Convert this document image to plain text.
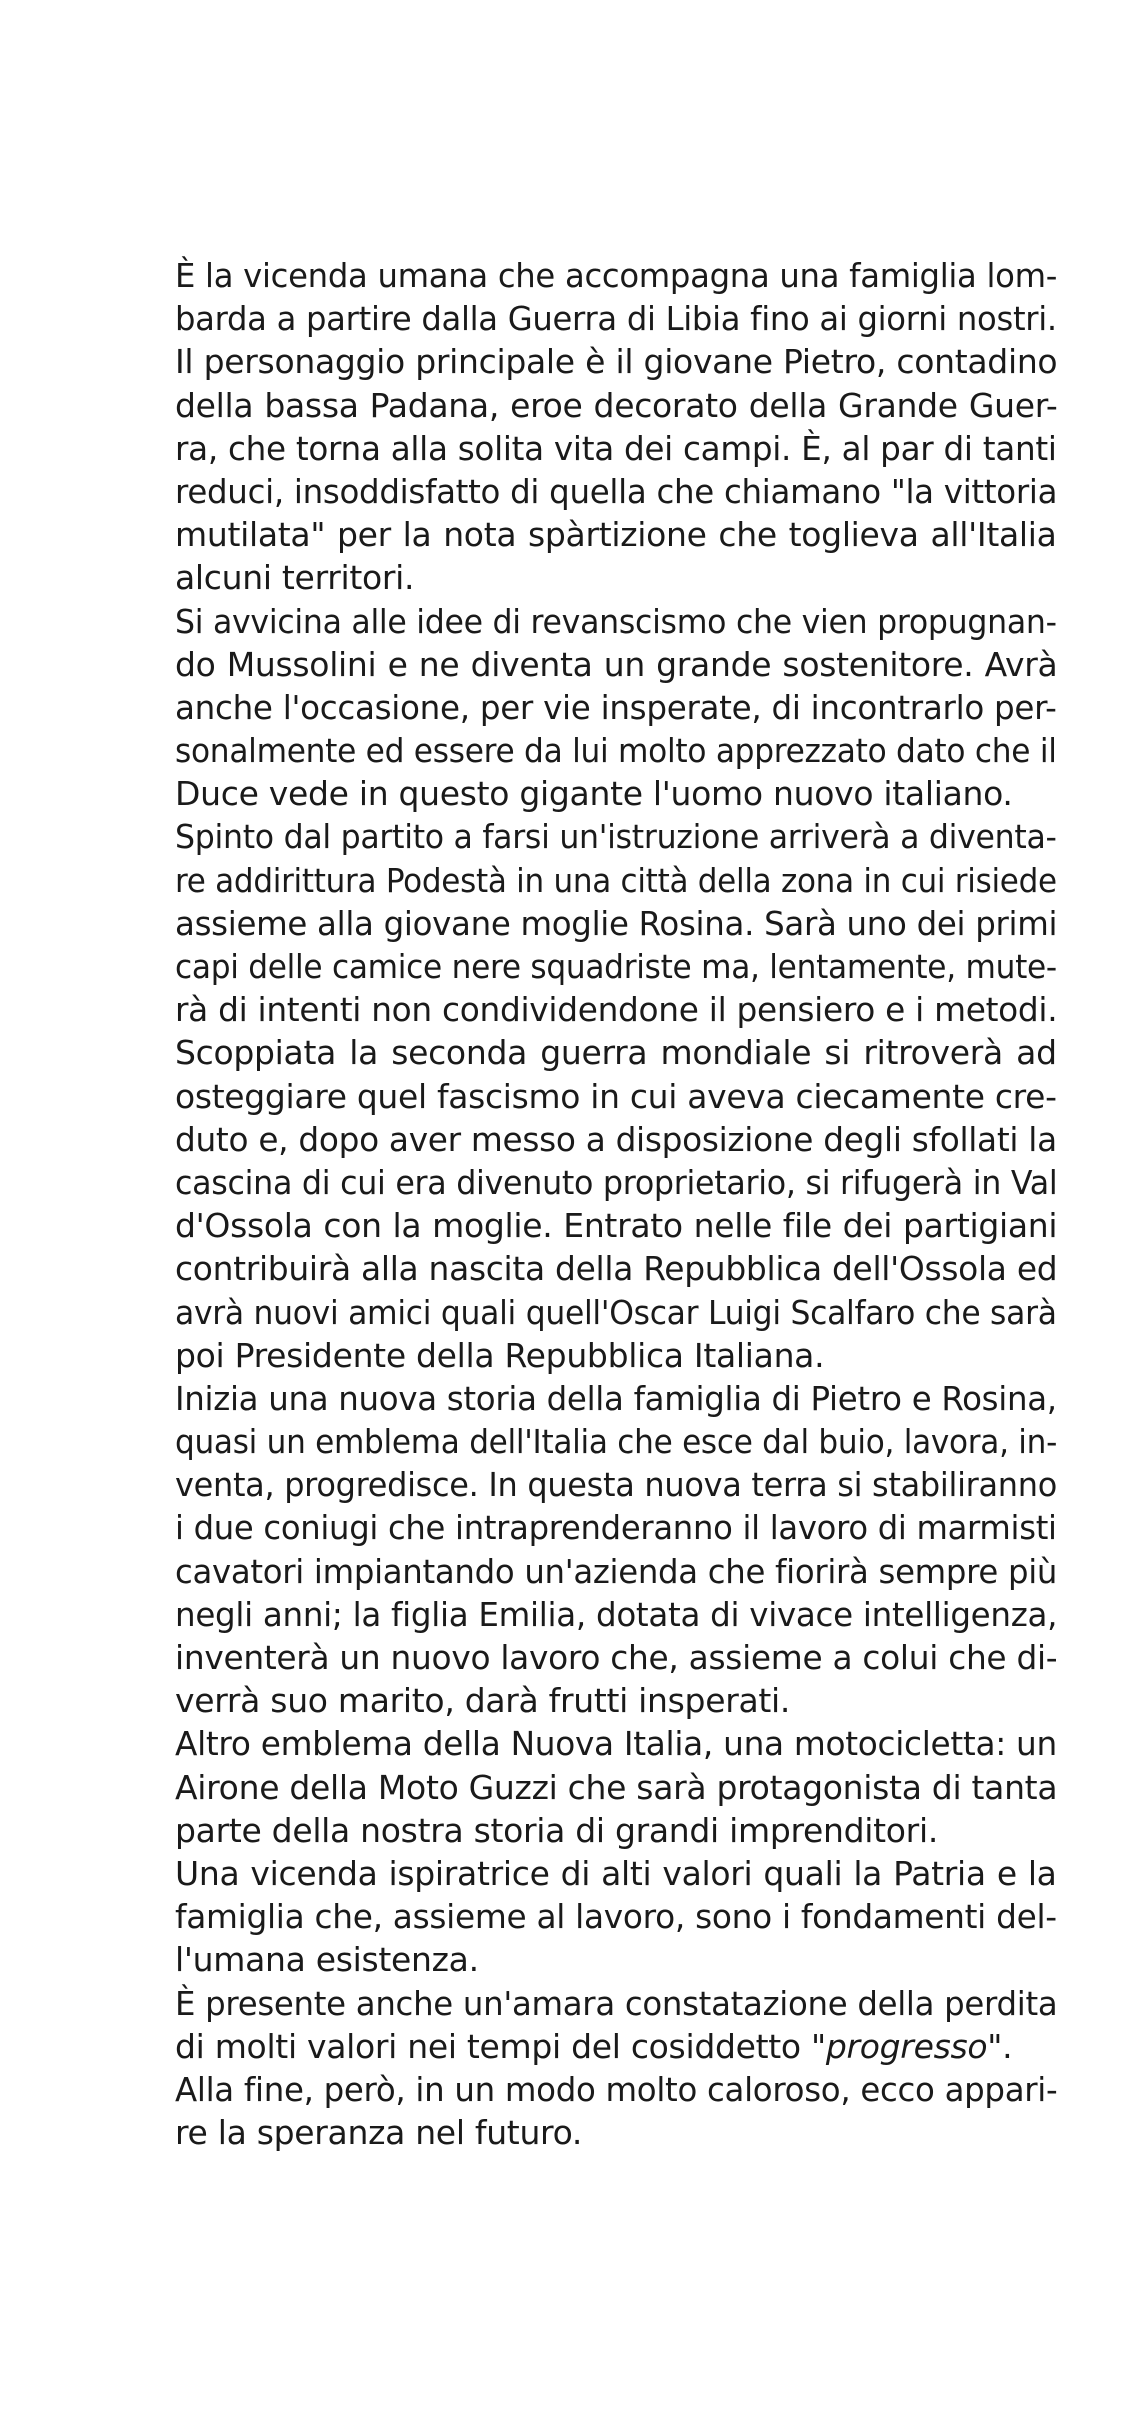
È la vicenda umana che accompagna una famiglia lom-
barda a partire dalla Guerra di Libia fino ai giorni nostri.
Il personaggio principale è il giovane Pietro, contadino
della bassa Padana, eroe decorato della Grande Guer-
ra, che torna alla solita vita dei campi. È, al par di tanti
reduci, insoddisfatto di quella che chiamano "la vittoria
mutilata" per la nota spàrtizione che toglieva all'Italia
alcuni territori.
Si avvicina alle idee di revanscismo che vien propugnan-
do Mussolini e ne diventa un grande sostenitore. Avrà
anche l'occasione, per vie insperate, di incontrarlo per-
sonalmente ed essere da lui molto apprezzato dato che il
Duce vede in questo gigante l'uomo nuovo italiano.
Spinto dal partito a farsi un'istruzione arriverà a diventa-
re addirittura Podestà in una città della zona in cui risiede
assieme alla giovane moglie Rosina. Sarà uno dei primi
capi delle camice nere squadriste ma, lentamente, mute-
rà di intenti non condividendone il pensiero e i metodi.
Scoppiata la seconda guerra mondiale si ritroverà ad
osteggiare quel fascismo in cui aveva ciecamente cre-
duto e, dopo aver messo a disposizione degli sfollati la
cascina di cui era divenuto proprietario, si rifugerà in Val
d'Ossola con la moglie. Entrato nelle file dei partigiani
contribuirà alla nascita della Repubblica dell'Ossola ed
avrà nuovi amici quali quell'Oscar Luigi Scalfaro che sarà
poi Presidente della Repubblica Italiana.
Inizia una nuova storia della famiglia di Pietro e Rosina,
quasi un emblema dell'Italia che esce dal buio, lavora, in-
venta, progredisce. In questa nuova terra si stabiliranno
i due coniugi che intraprenderanno il lavoro di marmisti
cavatori impiantando un'azienda che fiorirà sempre più
negli anni; la figlia Emilia, dotata di vivace intelligenza,
inventerà un nuovo lavoro che, assieme a colui che di-
verrà suo marito, darà frutti insperati.
Altro emblema della Nuova Italia, una motocicletta: un
Airone della Moto Guzzi che sarà protagonista di tanta
parte della nostra storia di grandi imprenditori.
Una vicenda ispiratrice di alti valori quali la Patria e la
famiglia che, assieme al lavoro, sono i fondamenti del-
l'umana esistenza.
È presente anche un'amara constatazione della perdita
di molti valori nei tempi del cosiddetto "progresso".
Alla fine, però, in un modo molto caloroso, ecco appari-
re la speranza nel futuro.
